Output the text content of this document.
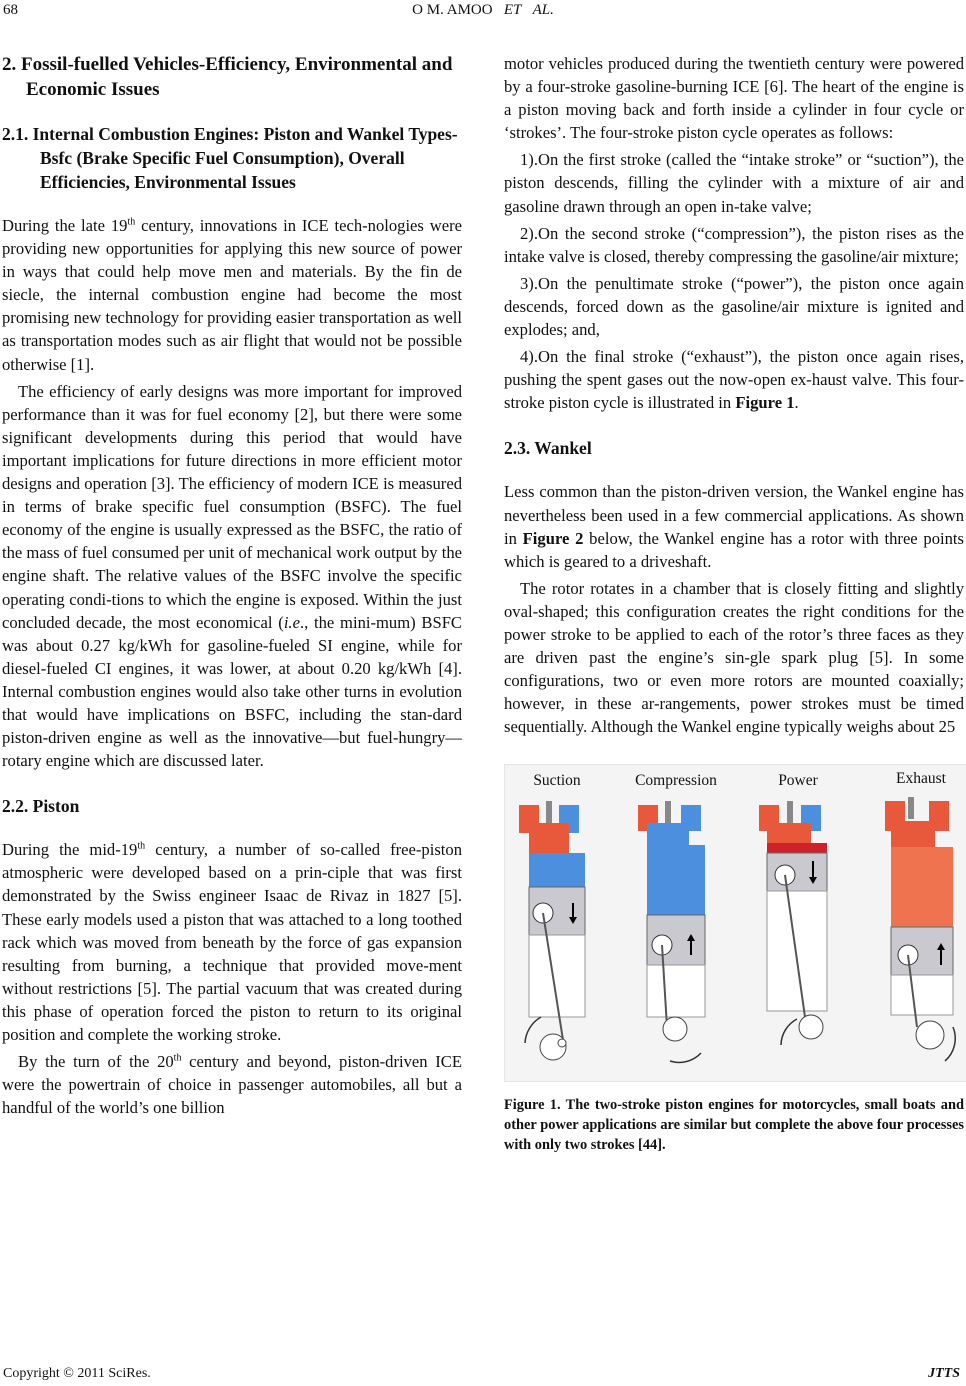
68	O M. AMOO ET AL.
2. Fossil-fuelled Vehicles-Efficiency, Environmental and Economic Issues
2.1. Internal Combustion Engines: Piston and Wankel Types-Bsfc (Brake Specific Fuel Consumption), Overall Efficiencies, Environmental Issues

During the late 19th century, innovations in ICE tech-nologies were providing new opportunities for applying this new source of power in ways that could help move men and materials. By the fin de siecle, the internal combustion engine had become the most promising new technology for providing easier transportation as well as transportation modes such as air flight that would not be possible otherwise [1].

The efficiency of early designs was more important for improved performance than it was for fuel economy [2], but there were some significant developments during this period that would have important implications for future directions in more efficient motor designs and operation [3]. The efficiency of modern ICE is measured in terms of brake specific fuel consumption (BSFC). The fuel economy of the engine is usually expressed as the BSFC, the ratio of the mass of fuel consumed per unit of mechanical work output by the engine shaft. The relative values of the BSFC involve the specific operating condi-tions to which the engine is exposed. Within the just concluded decade, the most economical (i.e., the mini-mum) BSFC was about 0.27 kg/kWh for gasoline-fueled SI engine, while for diesel-fueled CI engines, it was lower, at about 0.20 kg/kWh [4]. Internal combustion engines would also take other turns in evolution that would have implications on BSFC, including the stan-dard piston-driven engine as well as the innovative—but fuel-hungry—rotary engine which are discussed later.

2.2. Piston

During the mid-19th century, a number of so-called free-piston atmospheric were developed based on a prin-ciple that was first demonstrated by the Swiss engineer Isaac de Rivaz in 1827 [5]. These early models used a piston that was attached to a long toothed rack which was moved from beneath by the force of gas expansion resulting from burning, a technique that provided move-ment without restrictions [5]. The partial vacuum that was created during this phase of operation forced the piston to return to its original position and complete the working stroke.

By the turn of the 20th century and beyond, piston-driven ICE were the powertrain of choice in passenger automobiles, all but a handful of the world’s one billion

motor vehicles produced during the twentieth century were powered by a four-stroke gasoline-burning ICE [6]. The heart of the engine is a piston moving back and forth inside a cylinder in four cycle or ‘strokes’. The four-stroke piston cycle operates as follows:

1).On the first stroke (called the “intake stroke” or “suction”), the piston descends, filling the cylinder with a mixture of air and gasoline drawn through an open in-take valve;

2).On the second stroke (“compression”), the piston rises as the intake valve is closed, thereby compressing the gasoline/air mixture;

3).On the penultimate stroke (“power”), the piston once again descends, forced down as the gasoline/air mixture is ignited and explodes; and,

4).On the final stroke (“exhaust”), the piston once again rises, pushing the spent gases out the now-open ex-haust valve. This four-stroke piston cycle is illustrated in Figure 1.

2.3. Wankel

Less common than the piston-driven version, the Wankel engine has nevertheless been used in a few commercial applications. As shown in Figure 2 below, the Wankel engine has a rotor with three points which is geared to a driveshaft.

The rotor rotates in a chamber that is closely fitting and slightly oval-shaped; this configuration creates the right conditions for the power stroke to be applied to each of the rotor’s three faces as they are driven past the engine’s sin-gle spark plug [5]. In some configurations, two or even more rotors are mounted coaxially; however, in these ar-rangements, power strokes must be timed sequentially. Although the Wankel engine typically weighs about 25

Suction	Compression	Power	Exhaust
Figure 1. The two-stroke piston engines for motorcycles, small boats and other power applications are similar but complete the above four processes with only two strokes [44].
Copyright © 2011 SciRes.	JTTS
